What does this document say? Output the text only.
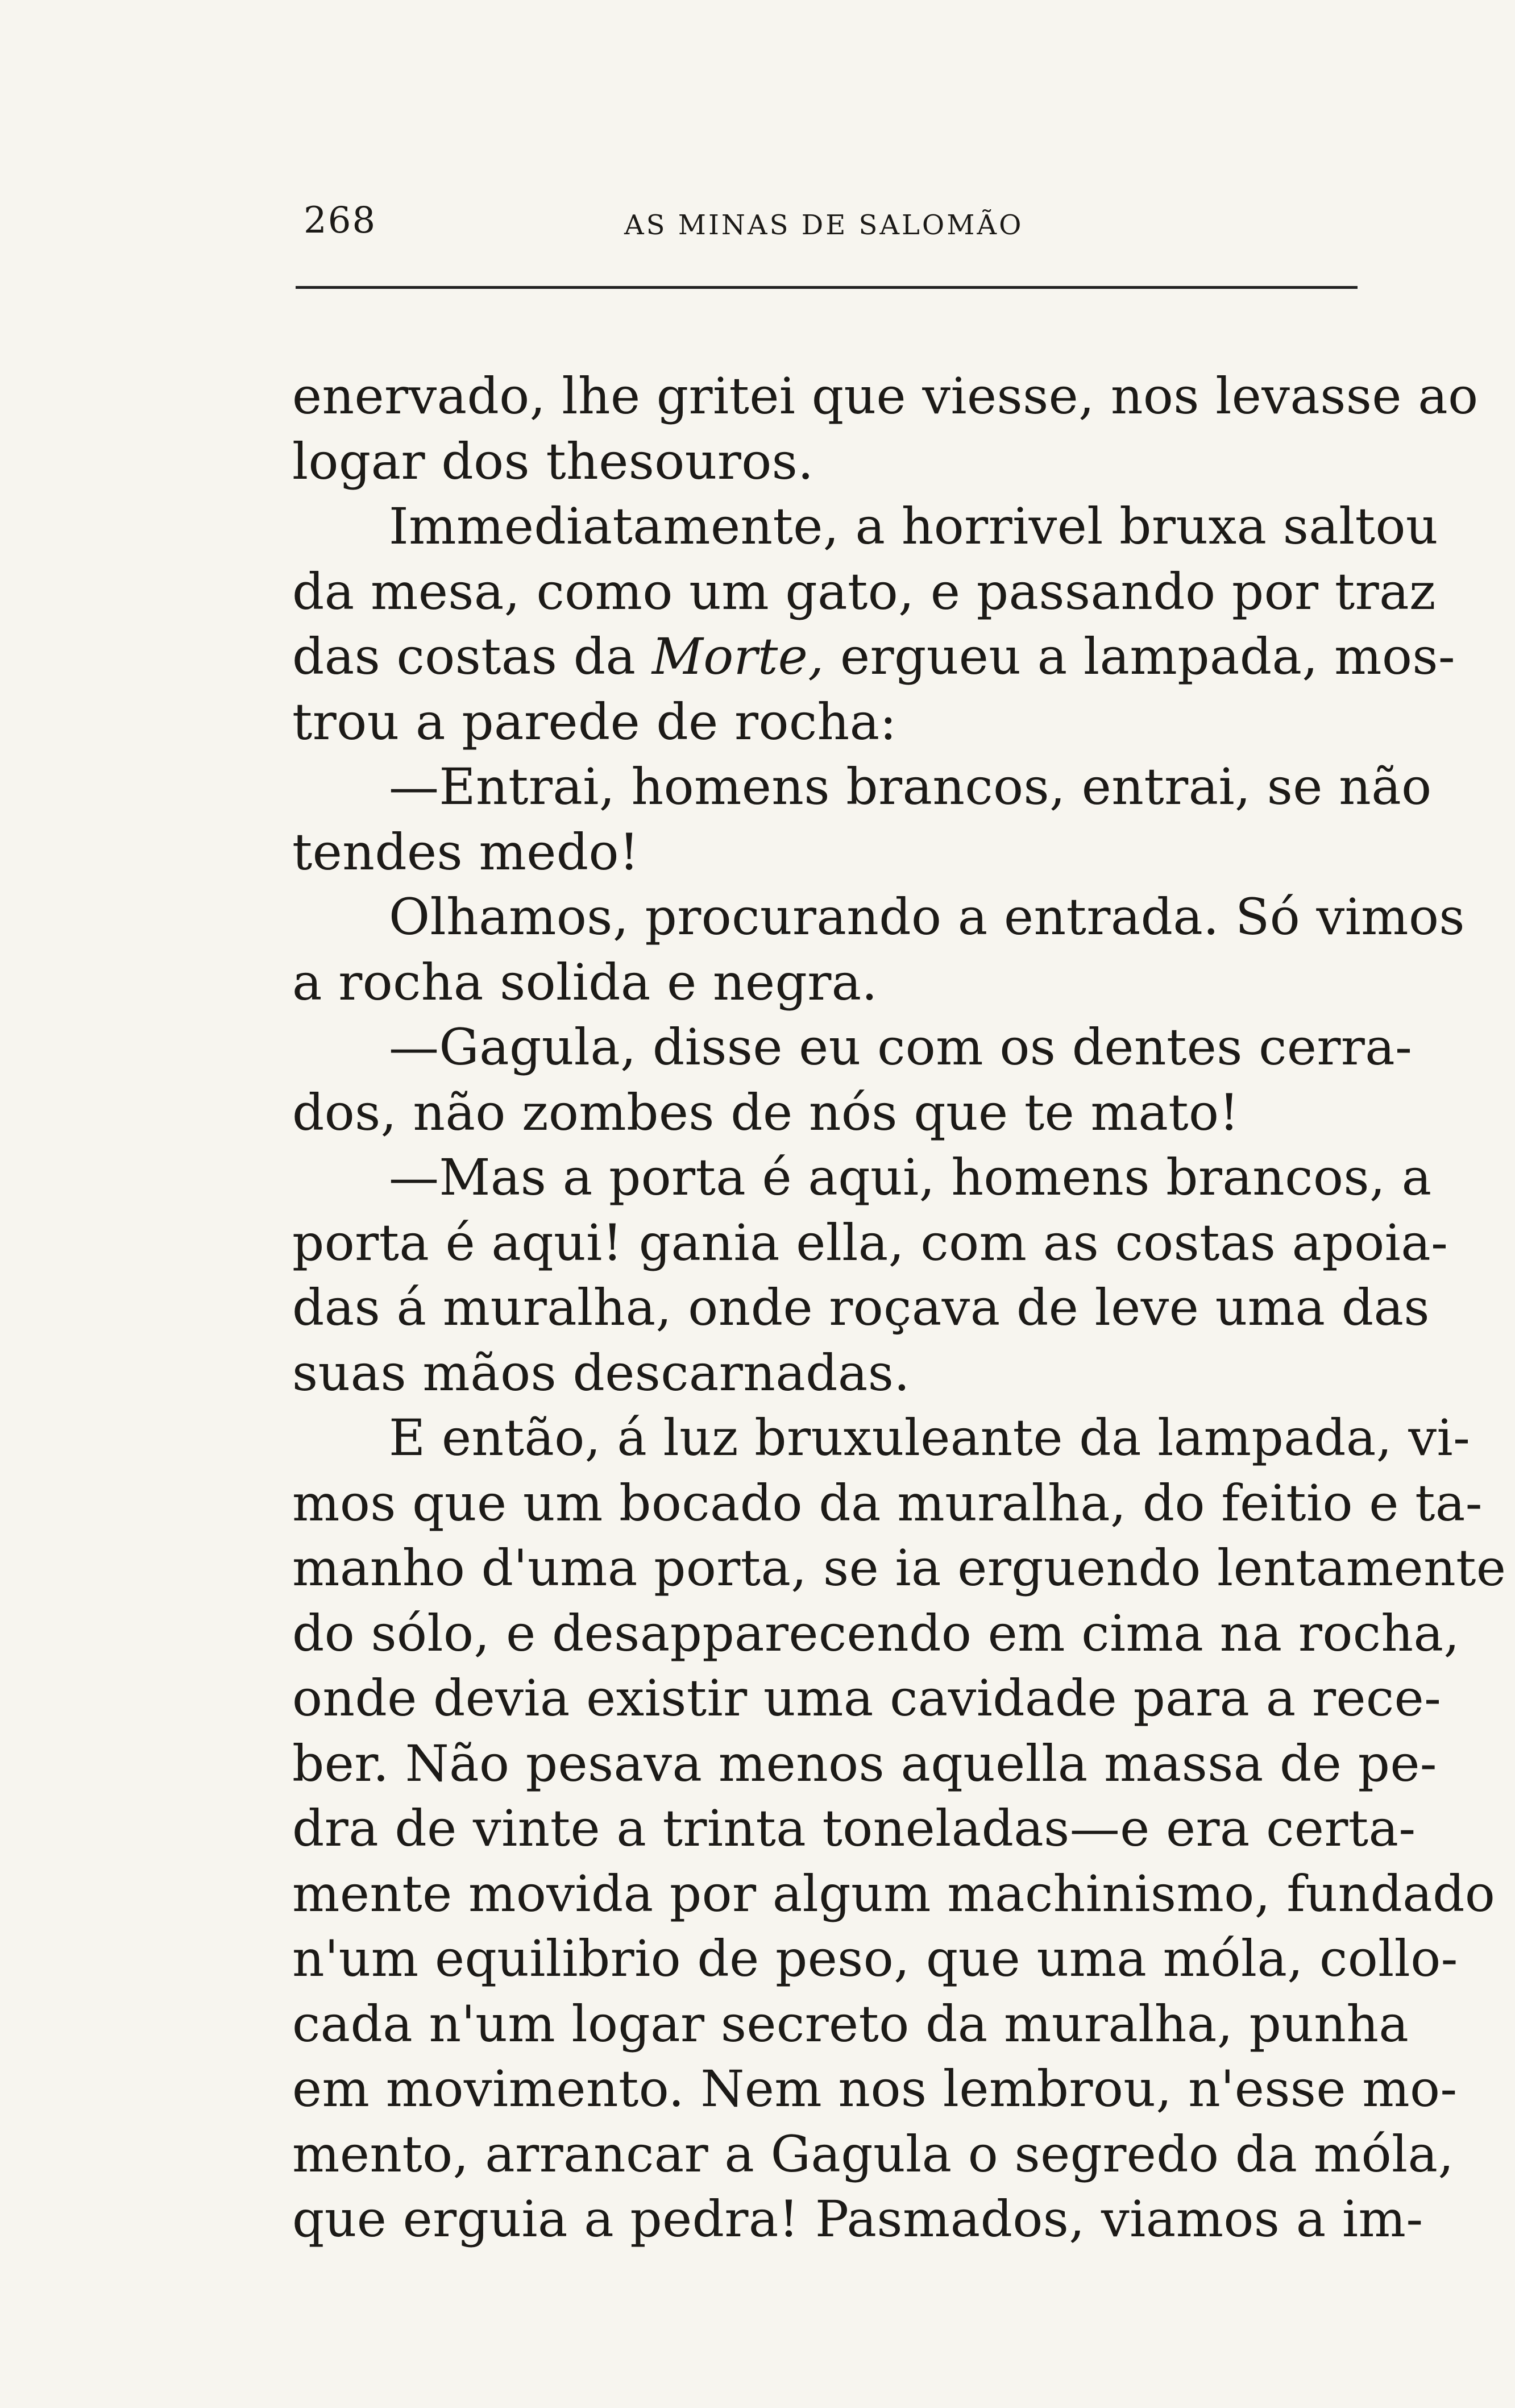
268	AS MINAS DE SALOMÃO
enervado, lhe gritei que viesse, nos levasse ao
logar dos thesouros.
Immediatamente, a horrivel bruxa saltou
da mesa, como um gato, e passando por traz
das costas da Morte, ergueu a lampada, mos-
trou a parede de rocha:
—Entrai, homens brancos, entrai, se não
tendes medo!
Olhamos, procurando a entrada. Só vimos
a rocha solida e negra.
—Gagula, disse eu com os dentes cerra-
dos, não zombes de nós que te mato!
—Mas a porta é aqui, homens brancos, a
porta é aqui! gania ella, com as costas apoia-
das á muralha, onde roçava de leve uma das
suas mãos descarnadas.
E então, á luz bruxuleante da lampada, vi-
mos que um bocado da muralha, do feitio e ta-
manho d'uma porta, se ia erguendo lentamente
do sólo, e desapparecendo em cima na rocha,
onde devia existir uma cavidade para a rece-
ber. Não pesava menos aquella massa de pe-
dra de vinte a trinta toneladas—e era certa-
mente movida por algum machinismo, fundado
n'um equilibrio de peso, que uma móla, collo-
cada n'um logar secreto da muralha, punha
em movimento. Nem nos lembrou, n'esse mo-
mento, arrancar a Gagula o segredo da móla,
que erguia a pedra! Pasmados, viamos a im-
